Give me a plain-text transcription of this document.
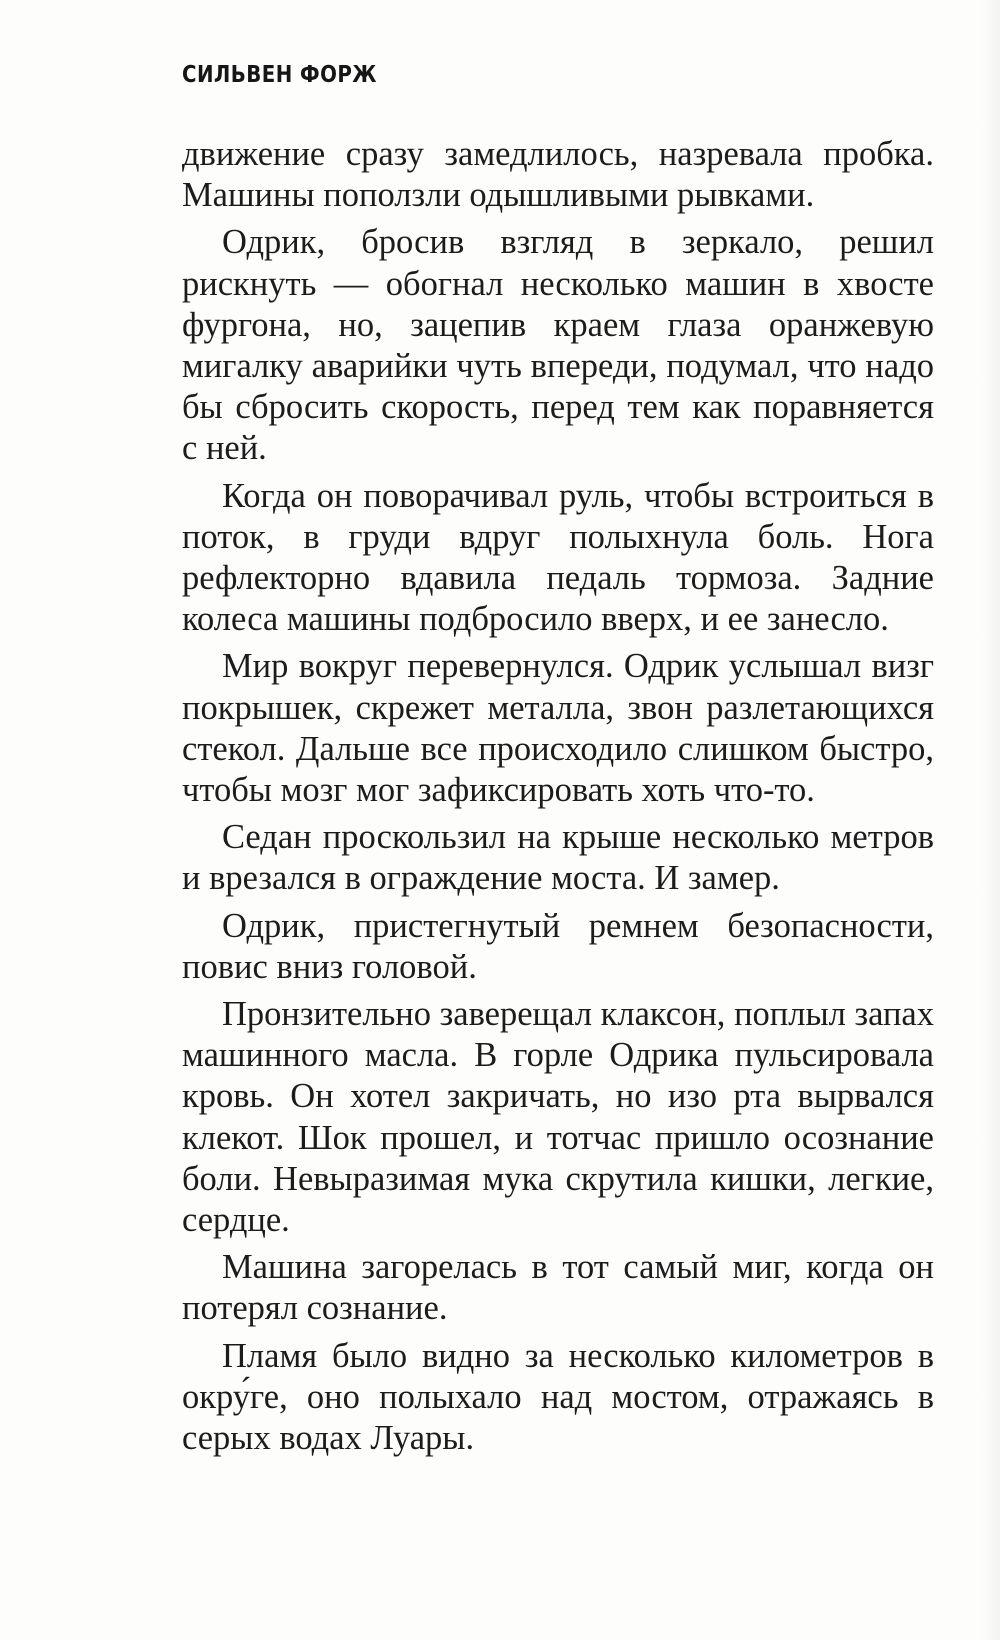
СИЛЬВЕН ФОРЖ

движение сразу замедлилось, назревала пробка. Машины поползли одышливыми рывками.

Одрик, бросив взгляд в зеркало, решил рискнуть — обогнал несколько машин в хвосте фургона, но, зацепив краем глаза оранжевую мигалку аварийки чуть впереди, подумал, что надо бы сбросить скорость, перед тем как поравняется с ней.

Когда он поворачивал руль, чтобы встроиться в поток, в груди вдруг полыхнула боль. Нога рефлекторно вдавила педаль тормоза. Задние колеса машины подбросило вверх, и ее занесло.

Мир вокруг перевернулся. Одрик услышал визг покрышек, скрежет металла, звон разлетающихся стекол. Дальше все происходило слишком быстро, чтобы мозг мог зафиксировать хоть что-то.

Седан проскользил на крыше несколько метров и врезался в ограждение моста. И замер.

Одрик, пристегнутый ремнем безопасности, повис вниз головой.

Пронзительно заверещал клаксон, поплыл запах машинного масла. В горле Одрика пульсировала кровь. Он хотел закричать, но изо рта вырвался клекот. Шок прошел, и тотчас пришло осознание боли. Невыразимая мука скрутила кишки, легкие, сердце.

Машина загорелась в тот самый миг, когда он потерял сознание.

Пламя было видно за несколько километров в окру́ге, оно полыхало над мостом, отражаясь в серых водах Луары.
